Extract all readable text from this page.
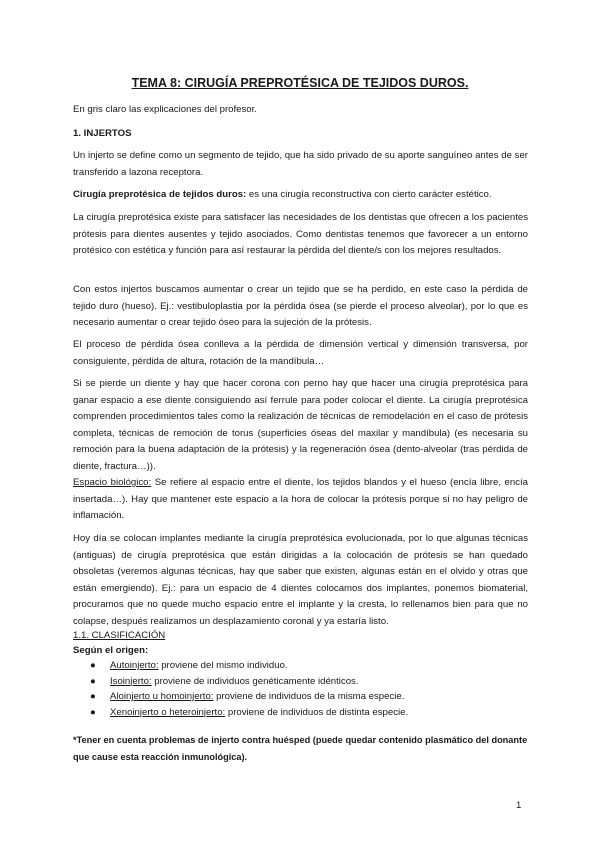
TEMA 8: CIRUGÍA PREPROTÉSICA DE TEJIDOS DUROS.

En gris claro las explicaciones del profesor.

1. INJERTOS

Un injerto se define como un segmento de tejido, que ha sido privado de su aporte sanguíneo antes de ser transferido a lazona receptora.

Cirugía preprotésica de tejidos duros: es una cirugía reconstructiva con cierto carácter estético.

La cirugía preprotésica existe para satisfacer las necesidades de los dentistas que ofrecen a los pacientes prótesis para dientes ausentes y tejido asociados. Como dentistas tenemos que favorecer a un entorno protésico con estética y función para así restaurar la pérdida del diente/s con los mejores resultados.

Con estos injertos buscamos aumentar o crear un tejido que se ha perdido, en este caso la pérdida de tejido duro (hueso). Ej.: vestibuloplastia por la pérdida ósea (se pierde el proceso alveolar), por lo que es necesario aumentar o crear tejido óseo para la sujeción de la prótesis.

El proceso de pérdida ósea conlleva a la pérdida de dimensión vertical y dimensión transversa, por consiguiente, pérdida de altura, rotación de la mandíbula…

Si se pierde un diente y hay que hacer corona con perno hay que hacer una cirugía preprotésica para ganar espacio a ese diente consiguiendo así ferrule para poder colocar el diente. La cirugía preprotésica comprenden procedimientos tales como la realización de técnicas de remodelación en el caso de prótesis completa, técnicas de remoción de torus (superficies óseas del maxilar y mandíbula) (es necesaria su remoción para la buena adaptación de la prótesis) y la regeneración ósea (dento-alveolar (tras pérdida de diente, fractura…)).

Espacio biológico: Se refiere al espacio entre el diente, los tejidos blandos y el hueso (encía libre, encía insertada…). Hay que mantener este espacio a la hora de colocar la prótesis porque si no hay peligro de inflamación.

Hoy día se colocan implantes mediante la cirugía preprotésica evolucionada, por lo que algunas técnicas (antiguas) de cirugía preprotésica que están dirigidas a la colocación de prótesis se han quedado obsoletas (veremos algunas técnicas, hay que saber que existen, algunas están en el olvido y otras que están emergiendo). Ej.: para un espacio de 4 dientes colocamos dos implantes, ponemos biomaterial, procuramos que no quede mucho espacio entre el implante y la cresta, lo rellenamos bien para que no colapse, después realizamos un desplazamiento coronal y ya estaría listo.

1.1. CLASIFICACIÓN

Según el origen:

● Autoinjerto: proviene del mismo individuo.
● Isoinjerto: proviene de individuos genéticamente idénticos.
● Aloinjerto u homoinjerto: proviene de individuos de la misma especie.
● Xenoinjerto o heteroinjerto: proviene de individuos de distinta especie.

*Tener en cuenta problemas de injerto contra huésped (puede quedar contenido plasmático del donante que cause esta reacción inmunológica).

1
